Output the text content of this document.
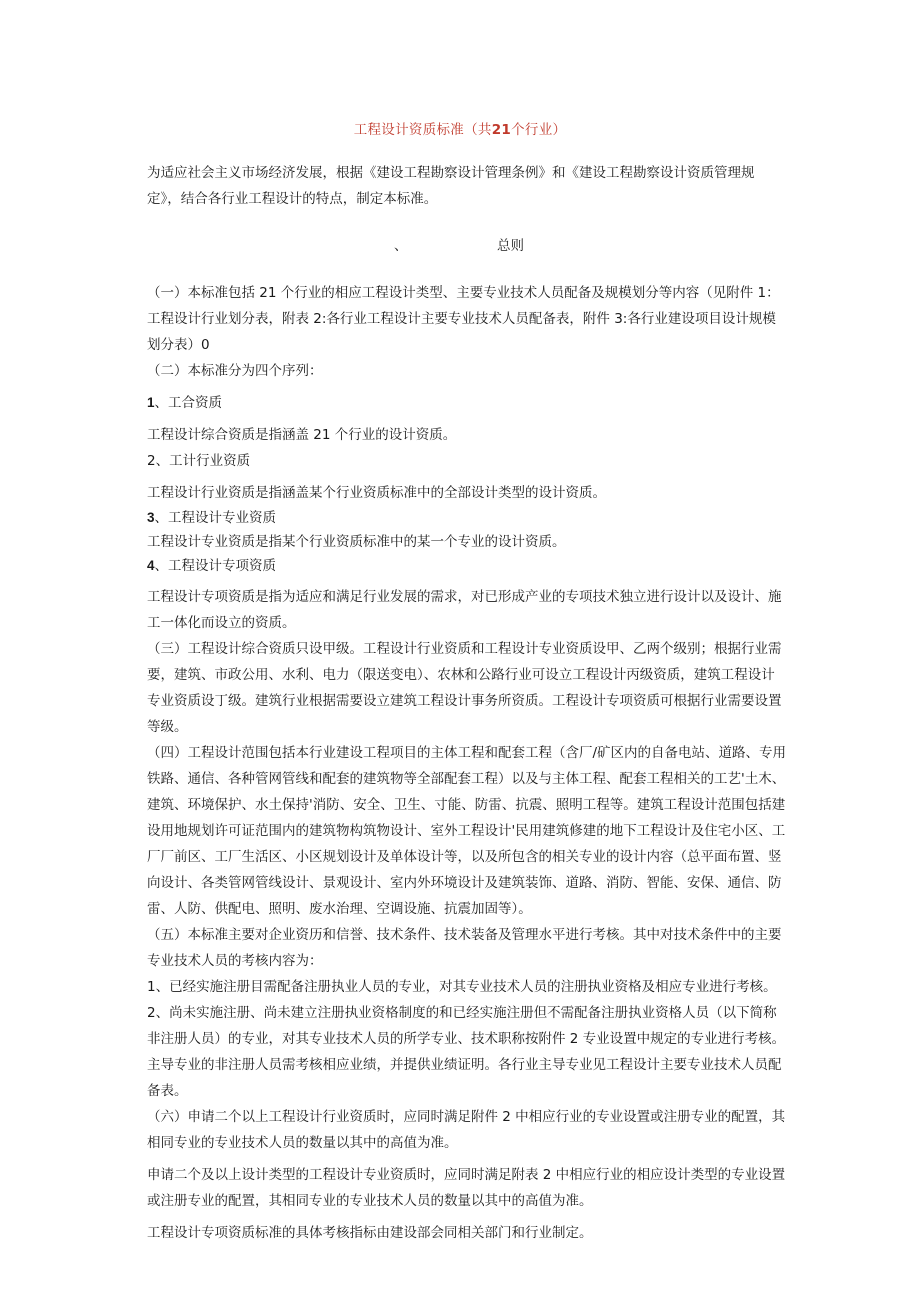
工程设计资质标准（共21个行业）
为适应社会主义市场经济发展，根据《建设工程勘察设计管理条例》和《建设工程勘察设计资质管理规定》，结合各行业工程设计的特点，制定本标准。
、	总则

（一）本标准包括 21 个行业的相应工程设计类型、主要专业技术人员配备及规模划分等内容（见附件 1：工程设计行业划分表，附表 2:各行业工程设计主要专业技术人员配备表，附件 3:各行业建设项目设计规模划分表）0

（二）本标准分为四个序列：

1、工合资质

工程设计综合资质是指涵盖 21 个行业的设计资质。

2、工计行业资质

工程设计行业资质是指涵盖某个行业资质标准中的全部设计类型的设计资质。

3、工程设计专业资质

工程设计专业资质是指某个行业资质标准中的某一个专业的设计资质。

4、工程设计专项资质

工程设计专项资质是指为适应和满足行业发展的需求，对已形成产业的专项技术独立进行设计以及设计、施工一体化而设立的资质。

（三）工程设计综合资质只设甲级。工程设计行业资质和工程设计专业资质设甲、乙两个级别；根据行业需要，建筑、市政公用、水利、电力（限送变电）、农林和公路行业可设立工程设计丙级资质，建筑工程设计专业资质设丁级。建筑行业根据需要设立建筑工程设计事务所资质。工程设计专项资质可根据行业需要设置等级。

（四）工程设计范围包括本行业建设工程项目的主体工程和配套工程（含厂/矿区内的自备电站、道路、专用铁路、通信、各种管网管线和配套的建筑物等全部配套工程）以及与主体工程、配套工程相关的工艺'土木、建筑、环境保护、水土保持'消防、安全、卫生、寸能、防雷、抗震、照明工程等。建筑工程设计范围包括建设用地规划许可证范围内的建筑物构筑物设计、室外工程设计'民用建筑修建的地下工程设计及住宅小区、工厂厂前区、工厂生活区、小区规划设计及单体设计等，以及所包含的相关专业的设计内容（总平面布置、竖向设计、各类管网管线设计、景观设计、室内外环境设计及建筑装饰、道路、消防、智能、安保、通信、防雷、人防、供配电、照明、废水治理、空调设施、抗震加固等）。

（五）本标准主要对企业资历和信誉、技术条件、技术装备及管理水平进行考核。其中对技术条件中的主要专业技术人员的考核内容为：

1、已经实施注册目需配备注册执业人员的专业，对其专业技术人员的注册执业资格及相应专业进行考核。

2、尚未实施注册、尚未建立注册执业资格制度的和已经实施注册但不需配备注册执业资格人员（以下简称非注册人员）的专业，对其专业技术人员的所学专业、技术职称按附件 2 专业设置中规定的专业进行考核。主导专业的非注册人员需考核相应业绩，并提供业绩证明。各行业主导专业见工程设计主要专业技术人员配备表。

（六）申请二个以上工程设计行业资质时，应同时满足附件 2 中相应行业的专业设置或注册专业的配置，其相同专业的专业技术人员的数量以其中的高值为准。

申请二个及以上设计类型的工程设计专业资质时，应同时满足附表 2 中相应行业的相应设计类型的专业设置或注册专业的配置，其相同专业的专业技术人员的数量以其中的高值为准。

工程设计专项资质标准的具体考核指标由建设部会同相关部门和行业制定。
